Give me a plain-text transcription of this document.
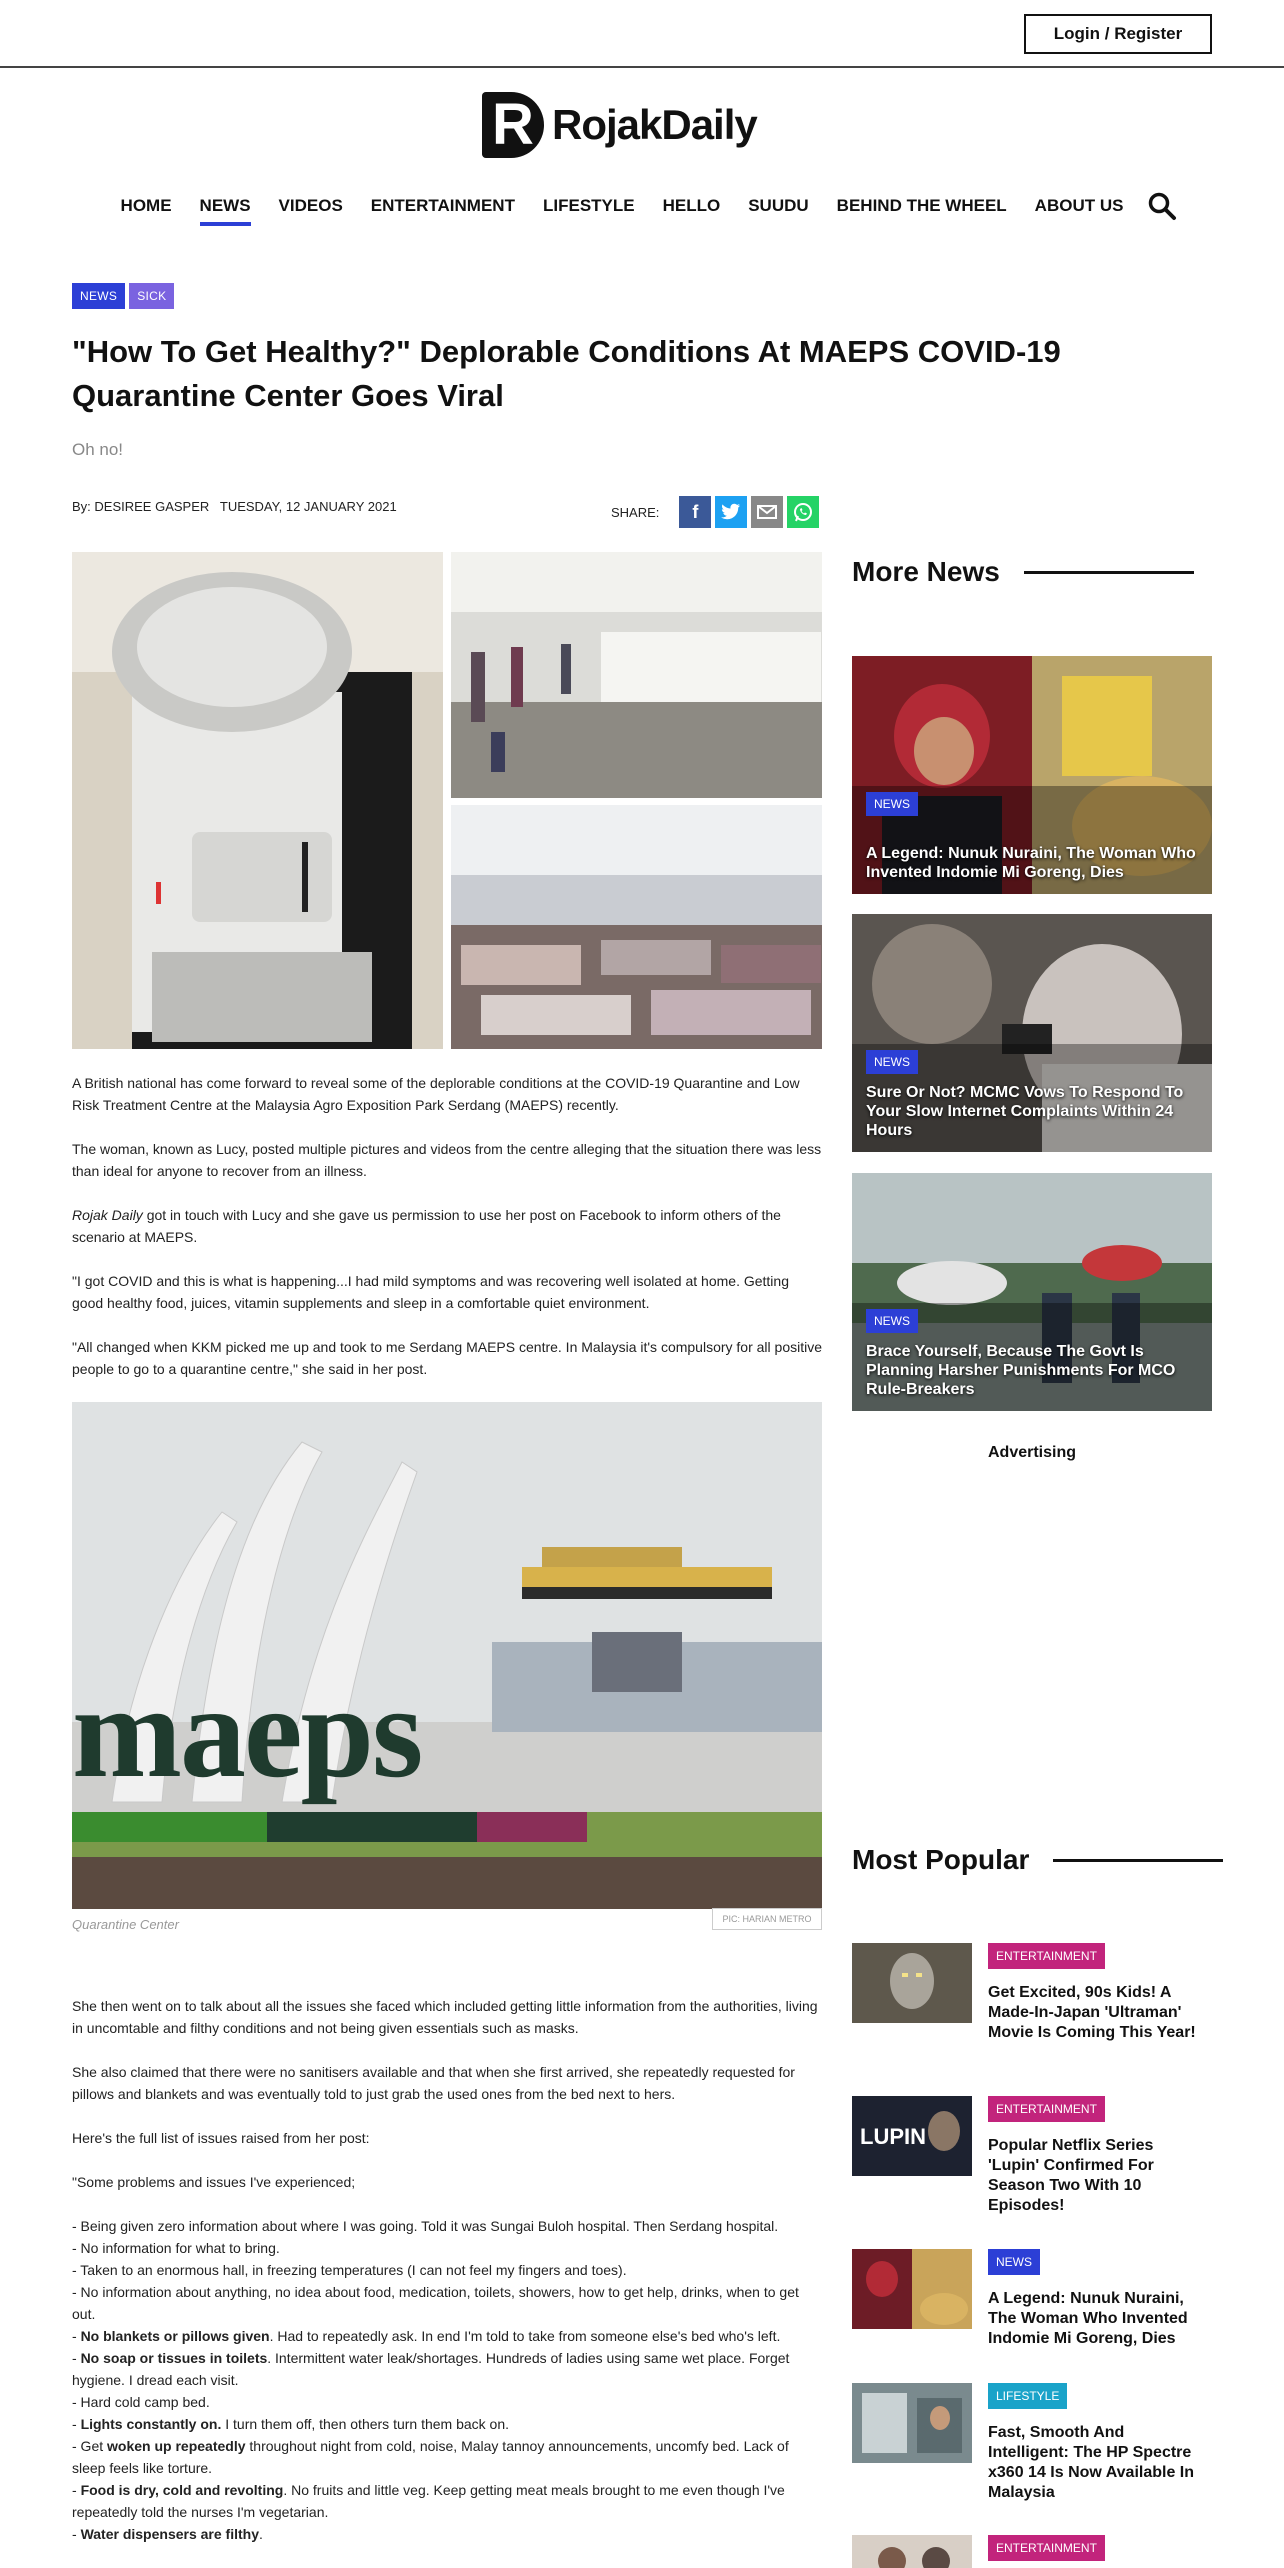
Login / Register
R
RojakDaily
HOME	NEWS	VIDEOS	ENTERTAINMENT	LIFESTYLE	HELLO	SUUDU	BEHIND THE WHEEL	ABOUT US
NEWS	SICK
"How To Get Healthy?" Deplorable Conditions At MAEPS COVID-19 Quarantine Center Goes Viral
Oh no!
By: DESIREE GASPER TUESDAY, 12 JANUARY 2021	SHARE:	f

A British national has come forward to reveal some of the deplorable conditions at the COVID-19 Quarantine and Low Risk Treatment Centre at the Malaysia Agro Exposition Park Serdang (MAEPS) recently.

The woman, known as Lucy, posted multiple pictures and videos from the centre alleging that the situation there was less than ideal for anyone to recover from an illness.

Rojak Daily got in touch with Lucy and she gave us permission to use her post on Facebook to inform others of the scenario at MAEPS.

"I got COVID and this is what is happening...I had mild symptoms and was recovering well isolated at home. Getting good healthy food, juices, vitamin supplements and sleep in a comfortable quiet environment.

"All changed when KKM picked me up and took to me Serdang MAEPS centre. In Malaysia it's compulsory for all positive people to go to a quarantine centre," she said in her post.

maeps
Quarantine Center	PIC: HARIAN METRO

She then went on to talk about all the issues she faced which included getting little information from the authorities, living in uncomtable and filthy conditions and not being given essentials such as masks.

She also claimed that there were no sanitisers available and that when she first arrived, she repeatedly requested for pillows and blankets and was eventually told to just grab the used ones from the bed next to hers.

Here's the full list of issues raised from her post:

"Some problems and issues I've experienced;

- Being given zero information about where I was going. Told it was Sungai Buloh hospital. Then Serdang hospital.
- No information for what to bring.
- Taken to an enormous hall, in freezing temperatures (I can not feel my fingers and toes).
- No information about anything, no idea about food, medication, toilets, showers, how to get help, drinks, when to get out.
- No blankets or pillows given. Had to repeatedly ask. In end I'm told to take from someone else's bed who's left.
- No soap or tissues in toilets. Intermittent water leak/shortages. Hundreds of ladies using same wet place. Forget hygiene. I dread each visit.
- Hard cold camp bed.
- Lights constantly on. I turn them off, then others turn them back on.
- Get woken up repeatedly throughout night from cold, noise, Malay tannoy announcements, uncomfy bed. Lack of sleep feels like torture.
- Food is dry, cold and revolting. No fruits and little veg. Keep getting meat meals brought to me even though I've repeatedly told the nurses I'm vegetarian.
- Water dispensers are filthy.
More News
NEWS
A Legend: Nunuk Nuraini, The Woman Who Invented Indomie Mi Goreng, Dies
NEWS
Sure Or Not? MCMC Vows To Respond To Your Slow Internet Complaints Within 24 Hours
NEWS
Brace Yourself, Because The Govt Is Planning Harsher Punishments For MCO Rule-Breakers
Advertising
Most Popular
ENTERTAINMENT
Get Excited, 90s Kids! A Made-In-Japan 'Ultraman' Movie Is Coming This Year!
LUPIN
ENTERTAINMENT
Popular Netflix Series 'Lupin' Confirmed For Season Two With 10 Episodes!
NEWS
A Legend: Nunuk Nuraini, The Woman Who Invented Indomie Mi Goreng, Dies
LIFESTYLE
Fast, Smooth And Intelligent: The HP Spectre x360 14 Is Now Available In Malaysia
ENTERTAINMENT
